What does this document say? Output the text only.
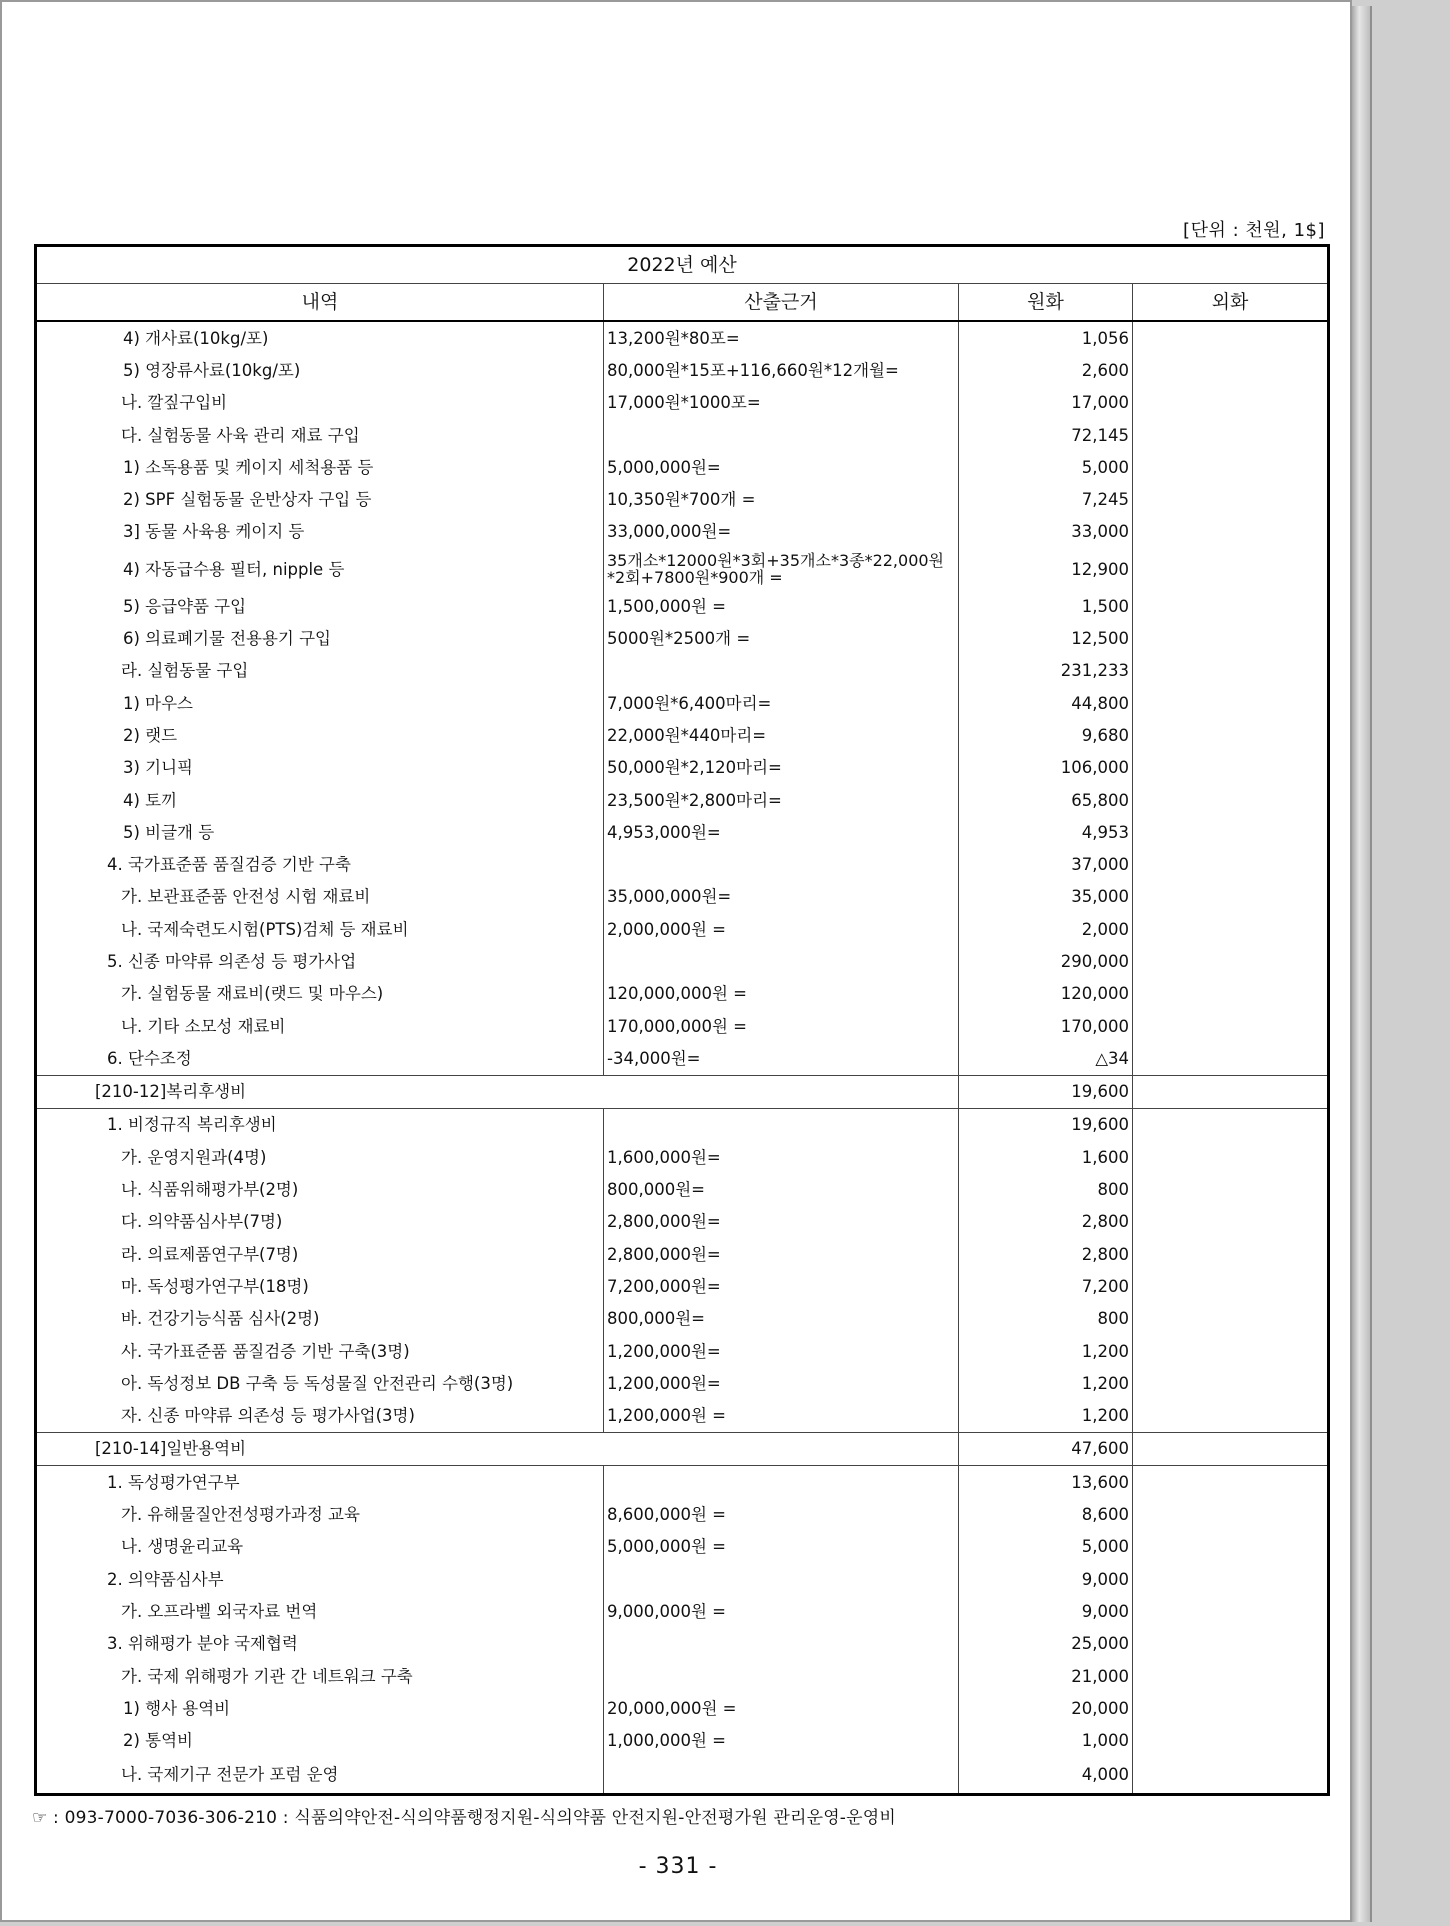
[단위 : 천원, 1$]
2022년 예산			
내역	산출근거	원화	외화
4) 개사료(10kg/포)	13,200원*80포=	1,056	
5) 영장류사료(10kg/포)	80,000원*15포+116,660원*12개월=	2,600	
나. 깔짚구입비	17,000원*1000포=	17,000	
다. 실험동물 사육 관리 재료 구입		72,145	
1) 소독용품 및 케이지 세척용품 등	5,000,000원=	5,000	
2) SPF 실험동물 운반상자 구입 등	10,350원*700개 =	7,245	
3] 동물 사육용 케이지 등	33,000,000원=	33,000	
4) 자동급수용 필터, nipple 등	35개소*12000원*3회+35개소*3종*22,000원 *2회+7800원*900개 =	12,900	
5) 응급약품 구입	1,500,000원 =	1,500	
6) 의료폐기물 전용용기 구입	5000원*2500개 =	12,500	
라. 실험동물 구입		231,233	
1) 마우스	7,000원*6,400마리=	44,800	
2) 랫드	22,000원*440마리=	9,680	
3) 기니픽	50,000원*2,120마리=	106,000	
4) 토끼	23,500원*2,800마리=	65,800	
5) 비글개 등	4,953,000원=	4,953	
4. 국가표준품 품질검증 기반 구축		37,000	
가. 보관표준품 안전성 시험 재료비	35,000,000원=	35,000	
나. 국제숙련도시험(PTS)검체 등 재료비	2,000,000원 =	2,000	
5. 신종 마약류 의존성 등 평가사업		290,000	
가. 실험동물 재료비(랫드 및 마우스)	120,000,000원 =	120,000	
나. 기타 소모성 재료비	170,000,000원 =	170,000	
6. 단수조정	-34,000원=	△34	
[210-12]복리후생비		19,600	
1. 비정규직 복리후생비		19,600	
가. 운영지원과(4명)	1,600,000원=	1,600	
나. 식품위해평가부(2명)	800,000원=	800	
다. 의약품심사부(7명)	2,800,000원=	2,800	
라. 의료제품연구부(7명)	2,800,000원=	2,800	
마. 독성평가연구부(18명)	7,200,000원=	7,200	
바. 건강기능식품 심사(2명)	800,000원=	800	
사. 국가표준품 품질검증 기반 구축(3명)	1,200,000원=	1,200	
아. 독성정보 DB 구축 등 독성물질 안전관리 수행(3명)	1,200,000원=	1,200	
자. 신종 마약류 의존성 등 평가사업(3명)	1,200,000원 =	1,200	
[210-14]일반용역비		47,600	
1. 독성평가연구부		13,600	
가. 유해물질안전성평가과정 교육	8,600,000원 =	8,600	
나. 생명윤리교육	5,000,000원 =	5,000	
2. 의약품심사부		9,000	
가. 오프라벨 외국자료 번역	9,000,000원 =	9,000	
3. 위해평가 분야 국제협력		25,000	
가. 국제 위해평가 기관 간 네트워크 구축		21,000	
1) 행사 용역비	20,000,000원 =	20,000	
2) 통역비	1,000,000원 =	1,000	
나. 국제기구 전문가 포럼 운영		4,000	
☞ : 093-7000-7036-306-210 : 식품의약안전-식의약품행정지원-식의약품 안전지원-안전평가원 관리운영-운영비
- 331 -
